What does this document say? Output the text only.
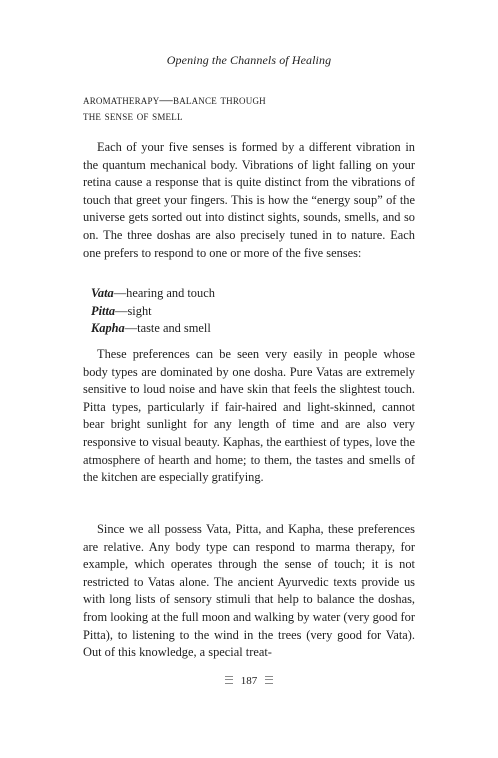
Opening the Channels of Healing
aromatherapy—balance through
the sense of smell

Each of your five senses is formed by a different vibration in the quantum mechanical body. Vibrations of light falling on your retina cause a response that is quite distinct from the vibrations of touch that greet your fingers. This is how the “energy soup” of the universe gets sorted out into distinct sights, sounds, smells, and so on. The three doshas are also precisely tuned in to nature. Each one prefers to respond to one or more of the five senses:

Vata—hearing and touch
Pitta—sight
Kapha—taste and smell

These preferences can be seen very easily in people whose body types are dominated by one dosha. Pure Vatas are extremely sensitive to loud noise and have skin that feels the slightest touch. Pitta types, particularly if fair-haired and light-skinned, cannot bear bright sunlight for any length of time and are also very responsive to visual beauty. Kaphas, the earthiest of types, love the atmosphere of hearth and home; to them, the tastes and smells of the kitchen are especially gratifying.

Since we all possess Vata, Pitta, and Kapha, these preferences are relative. Any body type can respond to marma therapy, for example, which operates through the sense of touch; it is not restricted to Vatas alone. The ancient Ayurvedic texts provide us with long lists of sensory stimuli that help to balance the doshas, from looking at the full moon and walking by water (very good for Pitta), to listening to the wind in the trees (very good for Vata). Out of this knowledge, a special treat-

187
